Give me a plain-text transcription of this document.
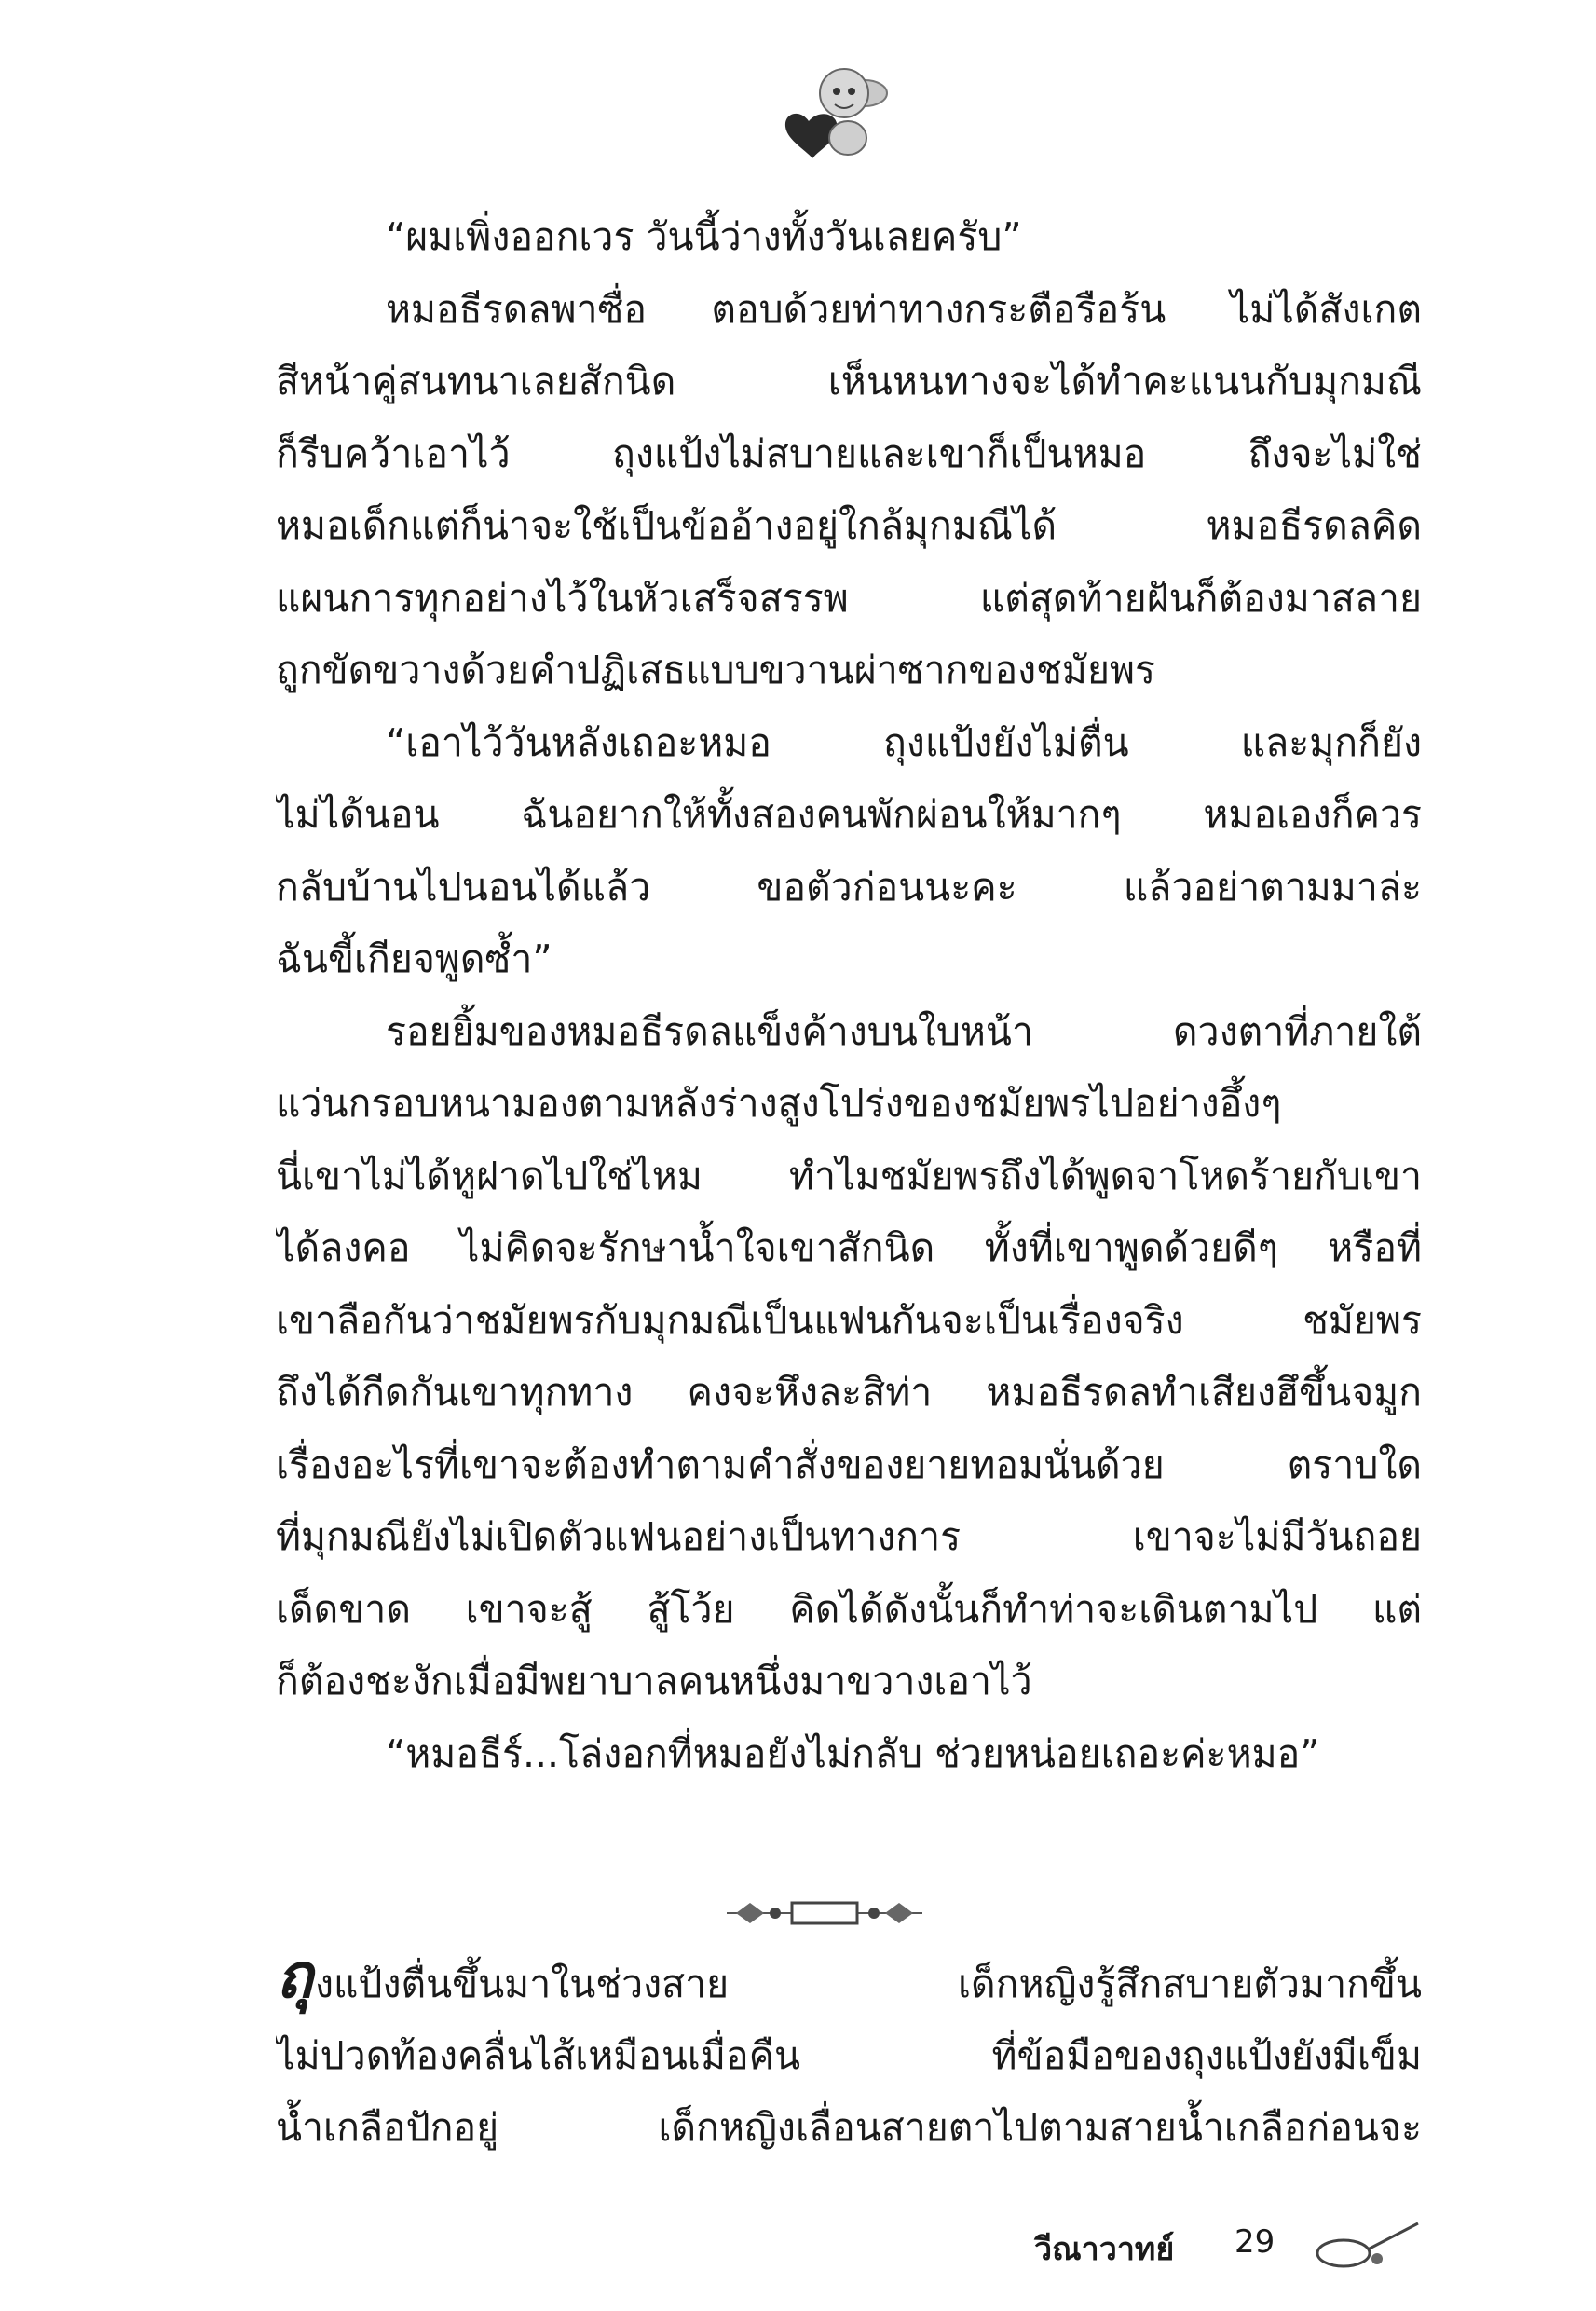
“ผมเพิ่งออกเวร วันนี้ว่างทั้งวันเลยครับ”
หมอธีรดลพาซื่อ ตอบด้วยท่าทางกระตือรือร้น ไม่ได้สังเกต
สีหน้าคู่สนทนาเลยสักนิด เห็นหนทางจะได้ทำคะแนนกับมุกมณี
ก็รีบคว้าเอาไว้ ถุงแป้งไม่สบายและเขาก็เป็นหมอ ถึงจะไม่ใช่
หมอเด็กแต่ก็น่าจะใช้เป็นข้ออ้างอยู่ใกล้มุกมณีได้ หมอธีรดลคิด
แผนการทุกอย่างไว้ในหัวเสร็จสรรพ แต่สุดท้ายฝันก็ต้องมาสลาย
ถูกขัดขวางด้วยคำปฏิเสธแบบขวานผ่าซากของชมัยพร
“เอาไว้วันหลังเถอะหมอ ถุงแป้งยังไม่ตื่น และมุกก็ยัง
ไม่ได้นอน ฉันอยากให้ทั้งสองคนพักผ่อนให้มากๆ หมอเองก็ควร
กลับบ้านไปนอนได้แล้ว ขอตัวก่อนนะคะ แล้วอย่าตามมาล่ะ
ฉันขี้เกียจพูดซ้ำ”
รอยยิ้มของหมอธีรดลแข็งค้างบนใบหน้า ดวงตาที่ภายใต้
แว่นกรอบหนามองตามหลังร่างสูงโปร่งของชมัยพรไปอย่างอึ้งๆ
นี่เขาไม่ได้หูฝาดไปใช่ไหม ทำไมชมัยพรถึงได้พูดจาโหดร้ายกับเขา
ได้ลงคอ ไม่คิดจะรักษาน้ำใจเขาสักนิด ทั้งที่เขาพูดด้วยดีๆ หรือที่
เขาลือกันว่าชมัยพรกับมุกมณีเป็นแฟนกันจะเป็นเรื่องจริง ชมัยพร
ถึงได้กีดกันเขาทุกทาง คงจะหึงละสิท่า หมอธีรดลทำเสียงฮึขึ้นจมูก
เรื่องอะไรที่เขาจะต้องทำตามคำสั่งของยายทอมนั่นด้วย ตราบใด
ที่มุกมณียังไม่เปิดตัวแฟนอย่างเป็นทางการ เขาจะไม่มีวันถอย
เด็ดขาด เขาจะสู้ สู้โว้ย คิดได้ดังนั้นก็ทำท่าจะเดินตามไป แต่
ก็ต้องชะงักเมื่อมีพยาบาลคนหนึ่งมาขวางเอาไว้
“หมอธีร์...โล่งอกที่หมอยังไม่กลับ ช่วยหน่อยเถอะค่ะหมอ”
ถุงแป้งตื่นขึ้นมาในช่วงสาย เด็กหญิงรู้สึกสบายตัวมากขึ้น
ไม่ปวดท้องคลื่นไส้เหมือนเมื่อคืน ที่ข้อมือของถุงแป้งยังมีเข็ม
น้ำเกลือปักอยู่ เด็กหญิงเลื่อนสายตาไปตามสายน้ำเกลือก่อนจะ
วีณาวาทย์ 29
